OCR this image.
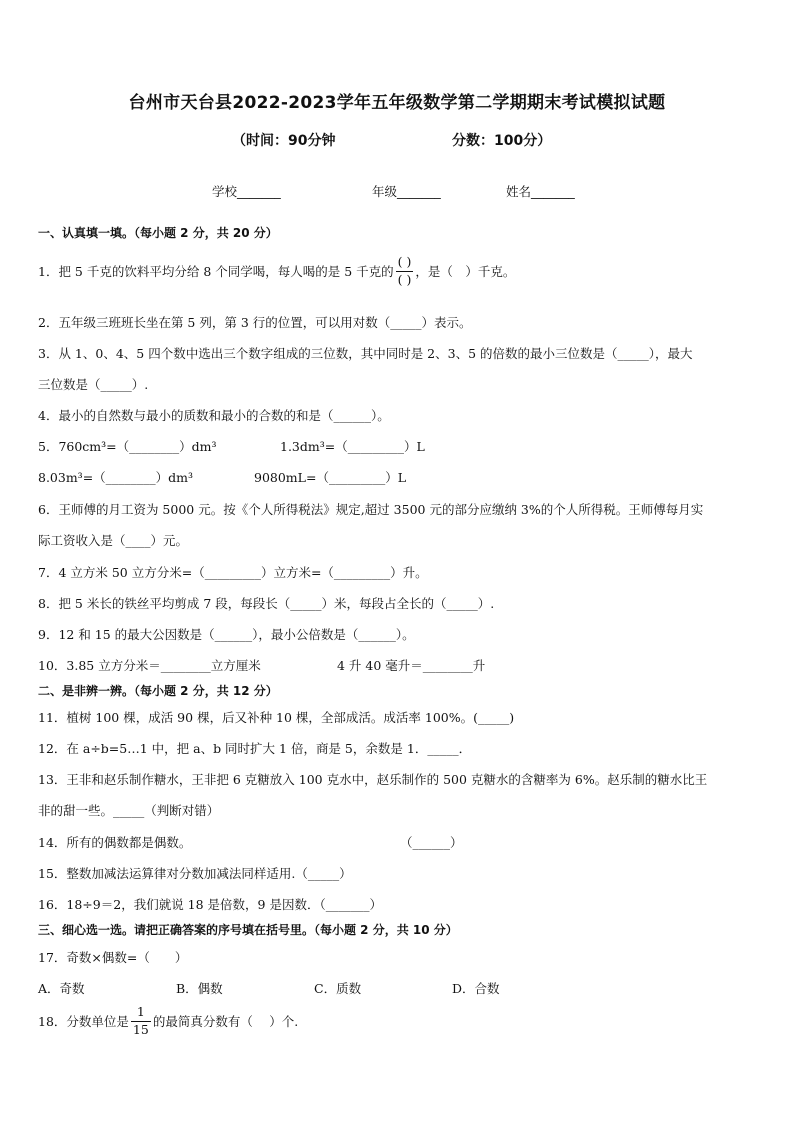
台州市天台县2022-2023学年五年级数学第二学期期末考试模拟试题
（时间：90分钟	分数：100分）
学校_______	年级_______	姓名_______
一、认真填一填。（每小题 2 分，共 20 分）
1．把 5 千克的饮料平均分给 8 个同学喝，每人喝的是 5 千克的 $\frac{( )}{( )}$ ，是（　）千克。
2．五年级三班班长坐在第 5 列，第 3 行的位置，可以用对数（_____）表示。
3．从 1、0、4、5 四个数中选出三个数字组成的三位数，其中同时是 2、3、5 的倍数的最小三位数是（_____），最大
三位数是（_____）.
4．最小的自然数与最小的质数和最小的合数的和是（______）。
5．760cm³=（________）dm³	1.3dm³=（_________）L
8.03m³=（________）dm³	9080mL=（_________）L
6．王师傅的月工资为 5000 元。按《个人所得税法》规定,超过 3500 元的部分应缴纳 3%的个人所得税。王师傅每月实
际工资收入是（____）元。
7．4 立方米 50 立方分米=（_________）立方米=（_________）升。
8．把 5 米长的铁丝平均剪成 7 段，每段长（_____）米，每段占全长的（_____）.
9．12 和 15 的最大公因数是（______），最小公倍数是（______）。
10．3.85 立方分米＝________立方厘米	4 升 40 毫升＝________升
二、是非辨一辨。（每小题 2 分，共 12 分）
11．植树 100 棵，成活 90 棵，后又补种 10 棵，全部成活。成活率 100%。(_____)
12．在 a÷b=5…1 中，把 a、b 同时扩大 1 倍，商是 5，余数是 1．_____．
13．王非和赵乐制作糖水，王非把 6 克糖放入 100 克水中，赵乐制作的 500 克糖水的含糖率为 6%。赵乐制的糖水比王
非的甜一些。_____（判断对错）
14．所有的偶数都是偶数。	（______）
15．整数加减法运算律对分数加减法同样适用.（_____）
16．18÷9＝2，我们就说 18 是倍数，9 是因数．（_______）
三、细心选一选。请把正确答案的序号填在括号里。（每小题 2 分，共 10 分）
17．奇数×偶数=（　　）
A．奇数	B．偶数	C．质数	D．合数
18．分数单位是 $\frac{1}{15}$ 的最简真分数有（　 ）个.
